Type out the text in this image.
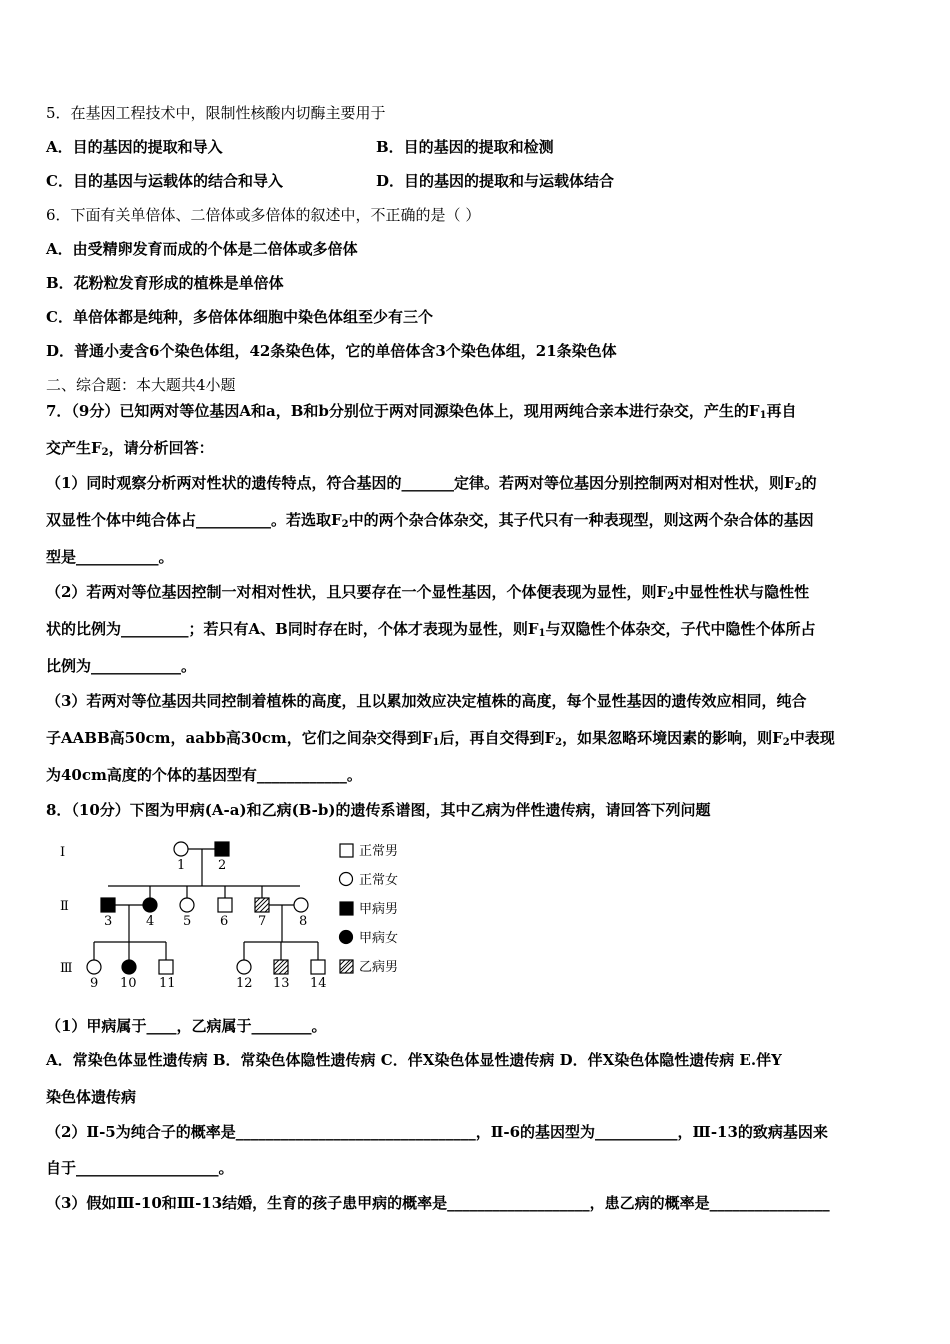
5．在基因工程技术中，限制性核酸内切酶主要用于
A．目的基因的提取和导入	B．目的基因的提取和检测
C．目的基因与运载体的结合和导入	D．目的基因的提取和与运载体结合
6．下面有关单倍体、二倍体或多倍体的叙述中，不正确的是（ ）
A．由受精卵发育而成的个体是二倍体或多倍体
B．花粉粒发育形成的植株是单倍体
C．单倍体都是纯种，多倍体体细胞中染色体组至少有三个
D．普通小麦含6个染色体组，42条染色体，它的单倍体含3个染色体组，21条染色体
二、综合题：本大题共4小题
7．（9分）已知两对等位基因A和a，B和b分别位于两对同源染色体上，现用两纯合亲本进行杂交，产生的$F_1$再自
交产生$F_2$，请分析回答：
（1）同时观察分析两对性状的遗传特点，符合基因的_______定律。若两对等位基因分别控制两对相对性状，则$F_2$的
双显性个体中纯合体占__________。若选取$F_2$中的两个杂合体杂交，其子代只有一种表现型，则这两个杂合体的基因
型是___________。
（2）若两对等位基因控制一对相对性状，且只要存在一个显性基因，个体便表现为显性，则$F_2$中显性性状与隐性性
状的比例为_________；若只有A、B同时存在时，个体才表现为显性，则$F_1$与双隐性个体杂交，子代中隐性个体所占
比例为____________。
（3）若两对等位基因共同控制着植株的高度，且以累加效应决定植株的高度，每个显性基因的遗传效应相同，纯合
子AABB高50cm，aabb高30cm，它们之间杂交得到$F_1$后，再自交得到$F_2$，如果忽略环境因素的影响，则$F_2$中表现
为40cm高度的个体的基因型有____________。
8．（10分）下图为甲病(A-a)和乙病(B-b)的遗传系谱图，其中乙病为伴性遗传病，请回答下列问题
Ⅰ
Ⅱ
Ⅲ
1	2
3	4 5 6 7	8
9 10 11	12 13 14
正常男
正常女
甲病男
甲病女
乙病男
（1）甲病属于____，乙病属于________。
A．常染色体显性遗传病 B．常染色体隐性遗传病 C．伴X染色体显性遗传病 D．伴X染色体隐性遗传病 E.伴Y
染色体遗传病
（2）Ⅱ-5为纯合子的概率是________________________________，Ⅱ-6的基因型为___________，Ⅲ-13的致病基因来
自于___________________。
（3）假如Ⅲ-10和Ⅲ-13结婚，生育的孩子患甲病的概率是___________________，患乙病的概率是________________
